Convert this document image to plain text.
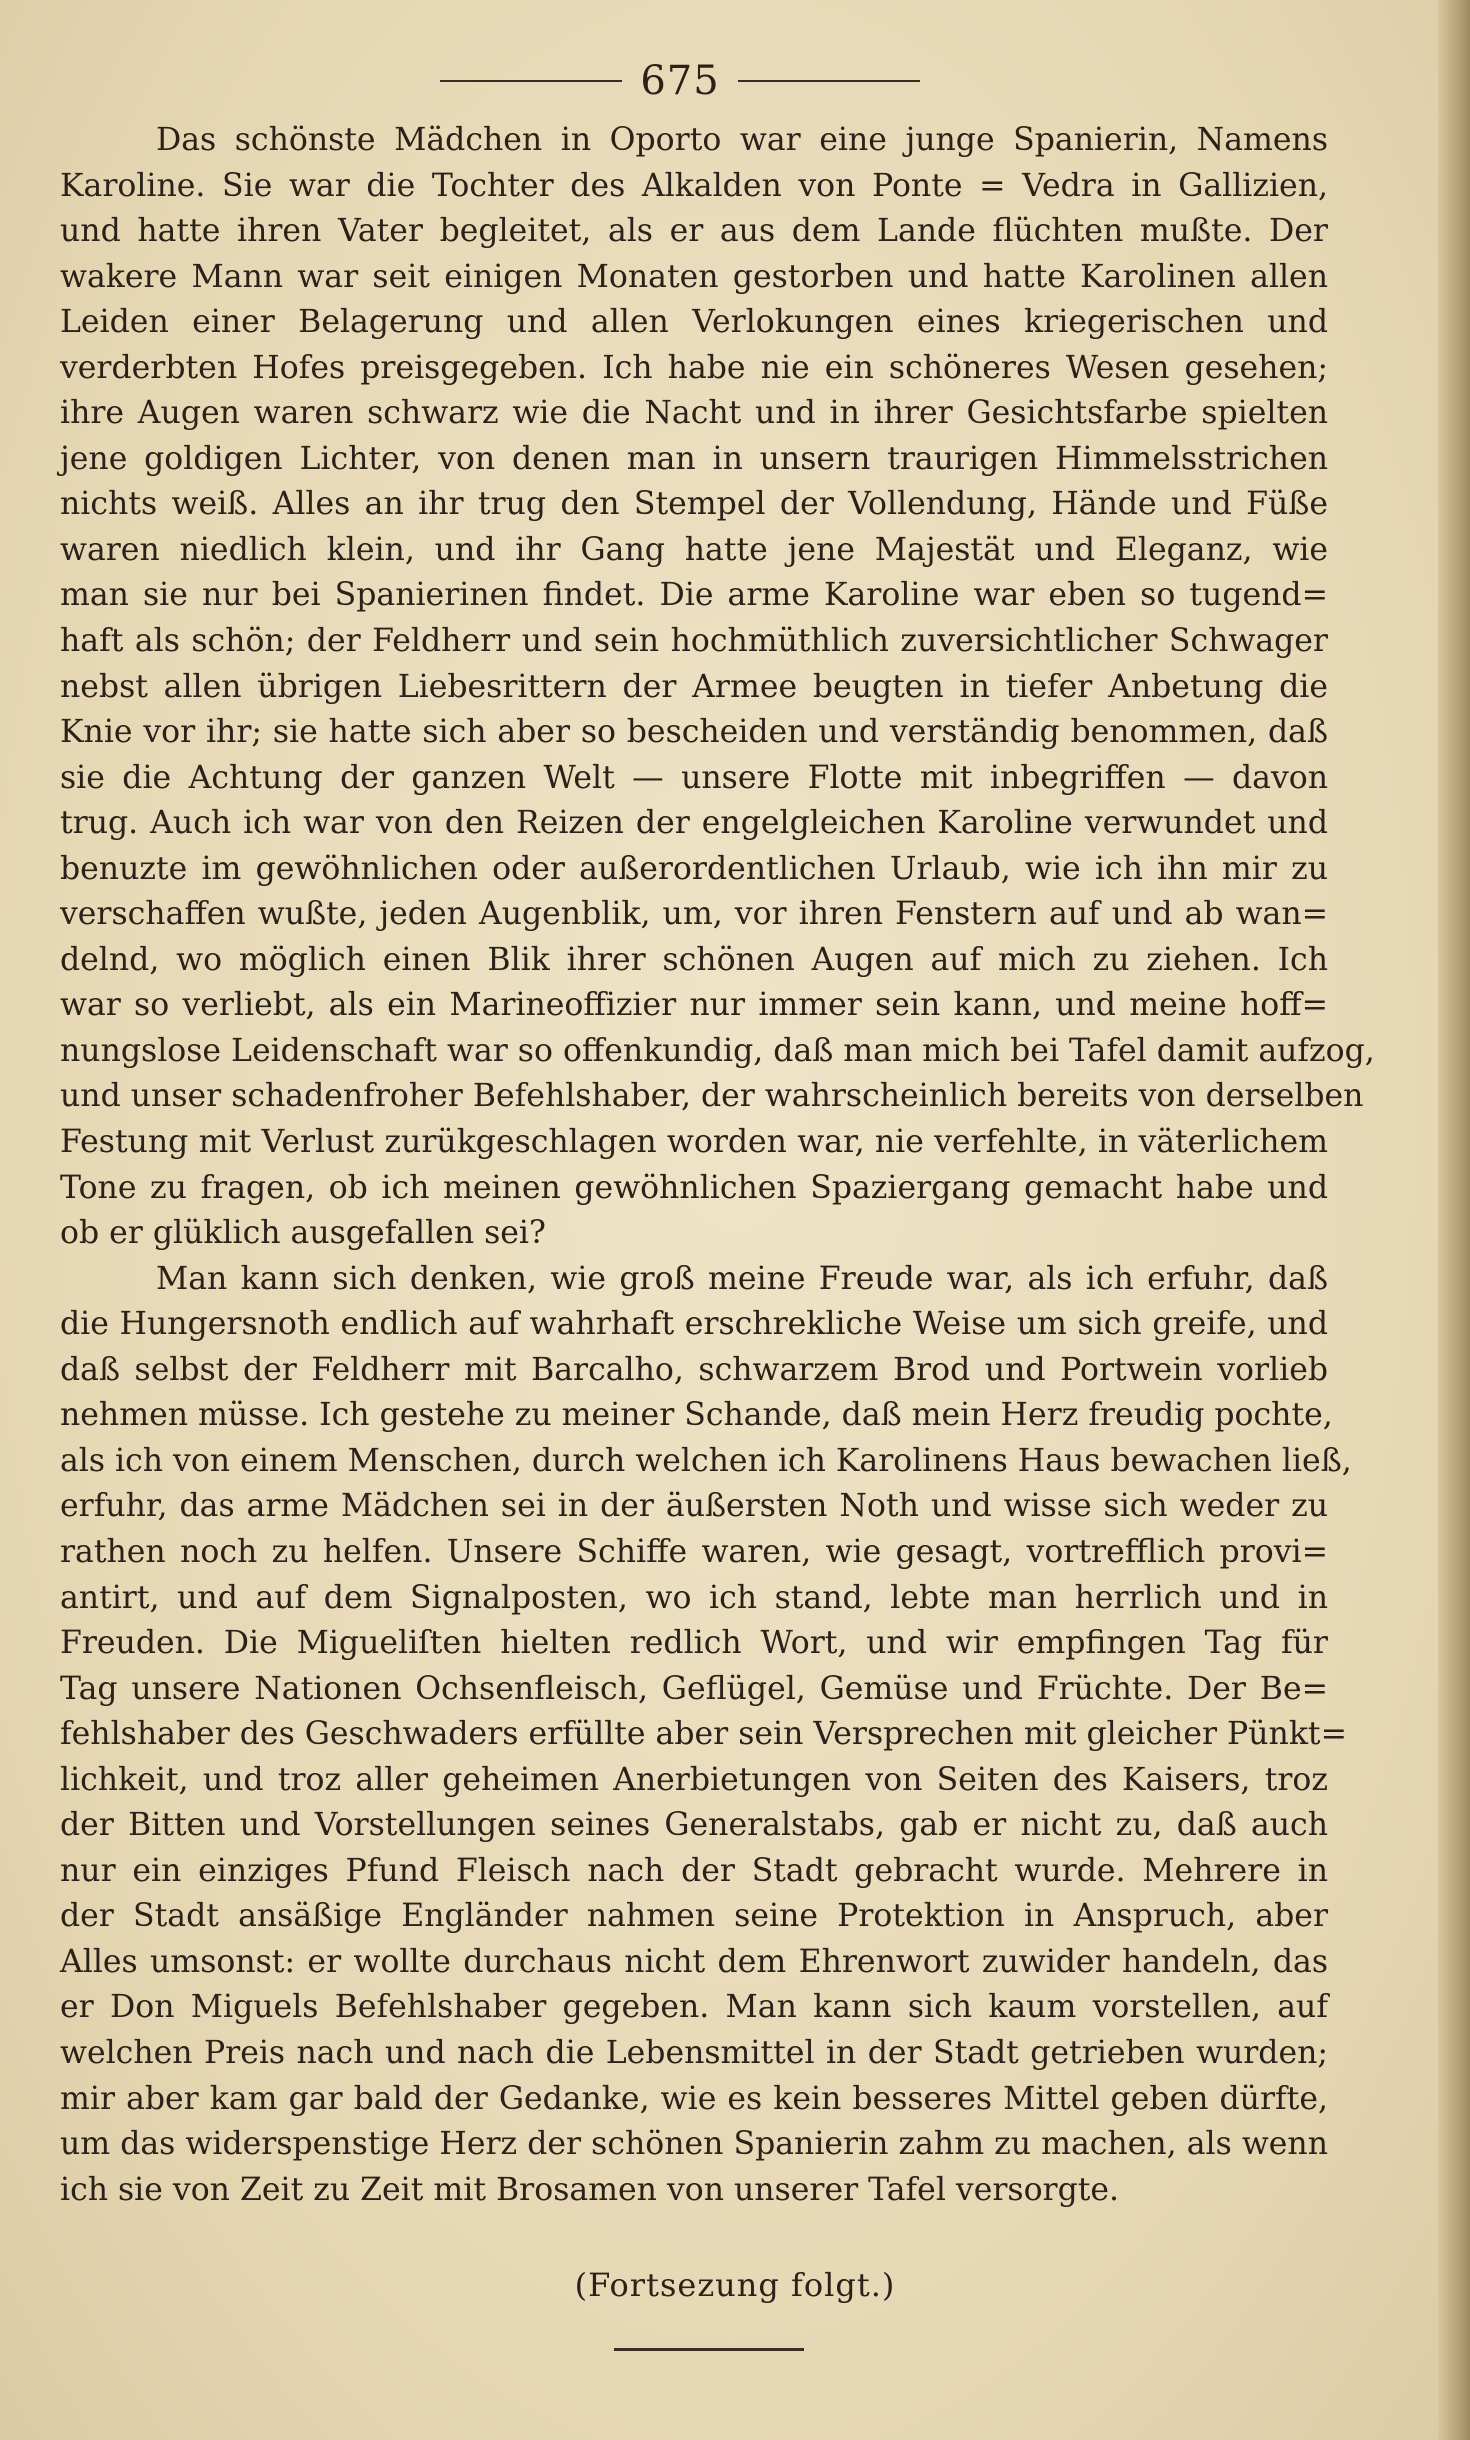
675
Das schönste Mädchen in Oporto war eine junge Spanierin, Namens
Karoline. Sie war die Tochter des Alkalden von Ponte = Vedra in Gallizien,
und hatte ihren Vater begleitet, als er aus dem Lande flüchten mußte. Der
wakere Mann war seit einigen Monaten gestorben und hatte Karolinen allen
Leiden einer Belagerung und allen Verlokungen eines kriegerischen und
verderbten Hofes preisgegeben. Ich habe nie ein schöneres Wesen gesehen;
ihre Augen waren schwarz wie die Nacht und in ihrer Gesichtsfarbe spielten
jene goldigen Lichter, von denen man in unsern traurigen Himmelsstrichen
nichts weiß. Alles an ihr trug den Stempel der Vollendung, Hände und Füße
waren niedlich klein, und ihr Gang hatte jene Majestät und Eleganz, wie
man sie nur bei Spanierinen findet. Die arme Karoline war eben so tugend=
haft als schön; der Feldherr und sein hochmüthlich zuversichtlicher Schwager
nebst allen übrigen Liebesrittern der Armee beugten in tiefer Anbetung die
Knie vor ihr; sie hatte sich aber so bescheiden und verständig benommen, daß
sie die Achtung der ganzen Welt — unsere Flotte mit inbegriffen — davon
trug. Auch ich war von den Reizen der engelgleichen Karoline verwundet und
benuzte im gewöhnlichen oder außerordentlichen Urlaub, wie ich ihn mir zu
verschaffen wußte, jeden Augenblik, um, vor ihren Fenstern auf und ab wan=
delnd, wo möglich einen Blik ihrer schönen Augen auf mich zu ziehen. Ich
war so verliebt, als ein Marineoffizier nur immer sein kann, und meine hoff=
nungslose Leidenschaft war so offenkundig, daß man mich bei Tafel damit aufzog,
und unser schadenfroher Befehlshaber, der wahrscheinlich bereits von derselben
Festung mit Verlust zurükgeschlagen worden war, nie verfehlte, in väterlichem
Tone zu fragen, ob ich meinen gewöhnlichen Spaziergang gemacht habe und
ob er glüklich ausgefallen sei?
Man kann sich denken, wie groß meine Freude war, als ich erfuhr, daß
die Hungersnoth endlich auf wahrhaft erschrekliche Weise um sich greife, und
daß selbst der Feldherr mit Barcalho, schwarzem Brod und Portwein vorlieb
nehmen müsse. Ich gestehe zu meiner Schande, daß mein Herz freudig pochte,
als ich von einem Menschen, durch welchen ich Karolinens Haus bewachen ließ,
erfuhr, das arme Mädchen sei in der äußersten Noth und wisse sich weder zu
rathen noch zu helfen. Unsere Schiffe waren, wie gesagt, vortrefflich provi=
antirt, und auf dem Signalposten, wo ich stand, lebte man herrlich und in
Freuden. Die Migueliſten hielten redlich Wort, und wir empfingen Tag für
Tag unsere Nationen Ochsenfleisch, Geflügel, Gemüse und Früchte. Der Be=
fehlshaber des Geschwaders erfüllte aber sein Versprechen mit gleicher Pünkt=
lichkeit, und troz aller geheimen Anerbietungen von Seiten des Kaisers, troz
der Bitten und Vorstellungen seines Generalstabs, gab er nicht zu, daß auch
nur ein einziges Pfund Fleisch nach der Stadt gebracht wurde. Mehrere in
der Stadt ansäßige Engländer nahmen seine Protektion in Anspruch, aber
Alles umsonst: er wollte durchaus nicht dem Ehrenwort zuwider handeln, das
er Don Miguels Befehlshaber gegeben. Man kann sich kaum vorstellen, auf
welchen Preis nach und nach die Lebensmittel in der Stadt getrieben wurden;
mir aber kam gar bald der Gedanke, wie es kein besseres Mittel geben dürfte,
um das widerspenstige Herz der schönen Spanierin zahm zu machen, als wenn
ich sie von Zeit zu Zeit mit Brosamen von unserer Tafel versorgte.
(Fortsezung folgt.)
